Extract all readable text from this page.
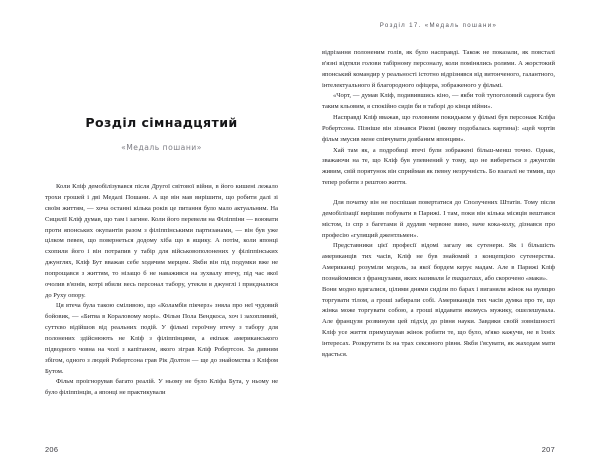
Розділ сімнадцятий
«Медаль пошани»

Коли Кліф демобілізувався після Другої світової війни, в його кишені лежало трохи грошей і дві Медалі Пошани. А ще він мав вирішити, що робити далі зі своїм життям, — хоча останні кілька років це питання було мало актуальним. На Сицилії Кліф думав, що там і загине. Коли його перевели на Філіппіни — воювати проти японських окупантів разом з філіппінськими партизанами, — він був уже цілком певен, що повернеться додому хіба що в ящику. А потім, коли японці схопили його і він потрапив у табір для військовополонених у філіппінських джунглях, Кліф Бут вважав себе ходячим мерцем. Якби він під подумки вже не попрощався з життям, то нізащо б не наважився на зухвалу втечу, під час якої очолив в'язнів, котрі вбили весь персонал табору, утекли в джунглі і приєдналися до Руху опору.

Ця втеча була такою сміливою, що «Коламбія пікчерз» зняла про неї чудовий бойовик, — «Битва в Кораловому морі». Фільм Пола Вендкоса, хоч і захопливий, суттєво відійшов від реальних подій. У фільмі героїчну втечу з табору для полонених здійснюють не Кліф з філіппінцями, а екіпаж американського підводного човна на чолі з капітаном, якого зіграв Кліф Робертсон. За дивним збігом, одного з людей Робертсона грав Рік Долтон — ще до знайомства з Кліфом Бутом.

Фільм проігнорував багато реалій. У ньому не було Кліфа Бута, у ньому не було філіппінців, а японці не практикували

206
Розділ 17. «Медаль пошани»

відрізання полоненим голів, як було насправді. Також не показали, як повсталі в'язні відтяли голови табірному персоналу, коли помінялись ролями. А жорстокий японський командир у реальності істотно відрізнявся від витонченого, галантного, інтелектуального й благородного офіцера, зображеного у фільмі.

«Чорт, — думав Кліф, подивившись кіно, — якби той тупоголовий садюга був таким кльовим, я спокійно сидів би в таборі до кінця війни».

Насправді Кліф вважав, що головним покидьком у фільмі був персонаж Кліфа Робертсона. Пізніше він зізнався Ріковi (якому подобалась картина): «цей чортів фільм змусив мене співчувати довбаним японцям».

Хай там як, а подробиці втечі були зображені більш-менш точно. Однак, зважаючи на те, що Кліф був упевнений у тому, що не вибереться з джунглів живим, свій порятунок він сприймав як певну незручність. Бо взагалі не тямив, що тепер робити з рештою життя.

Для початку він не поспішав повертатися до Сполучених Штатів. Тому після демобілізації вирішив побувати в Парижі. І там, поки він кілька місяців вештався містом, із спр з багетами й дудлив червоне вино, наче кока-колу, дізнався про професію «гулящий джентльмен».

Представники цієї професії відомі загалу як сутенери. Як і більшість американців тих часів, Кліф не був знайомий з концепцією сутенерства. Американці розуміли модель, за якої бордем керує мадам. Але в Парижі Кліф познайомився з французами, яких називали le maqueraux, або скорочено «маки».

Вони модно вдягалися, цілими днями сиділи по барах і виганяли жінок на вулицю торгувати тілом, а гроші забирали собі. Американців тих часів думка про те, що жінка може торгувати собою, а гроші віддавати якомусь мужику, ошелешувала. Але французи розвинули цей підхід до рівня науки. Завдяки своїй зовнішності Кліф усе життя примушував жінок робити те, що було, м'яко кажучи, не в їхніх інтересах. Розкрутити їх на трах сексяного рівня. Якби і'ясувати, як жаходам мати вдасться.

207
